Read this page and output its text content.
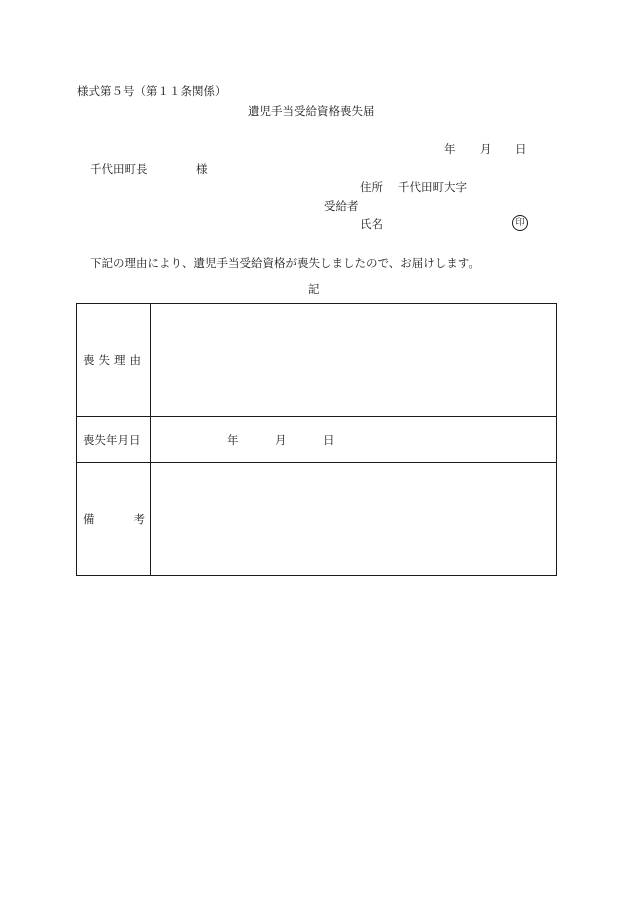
様式第５号（第１１条関係）
遺児手当受給資格喪失届
年 月 日
千代田町長	様
住所 千代田町大字
受給者
氏名	印
下記の理由により、遺児手当受給資格が喪失しましたので、お届けします。
記
喪 失 理 由	

喪失年月日	年 月 日

備 考	
